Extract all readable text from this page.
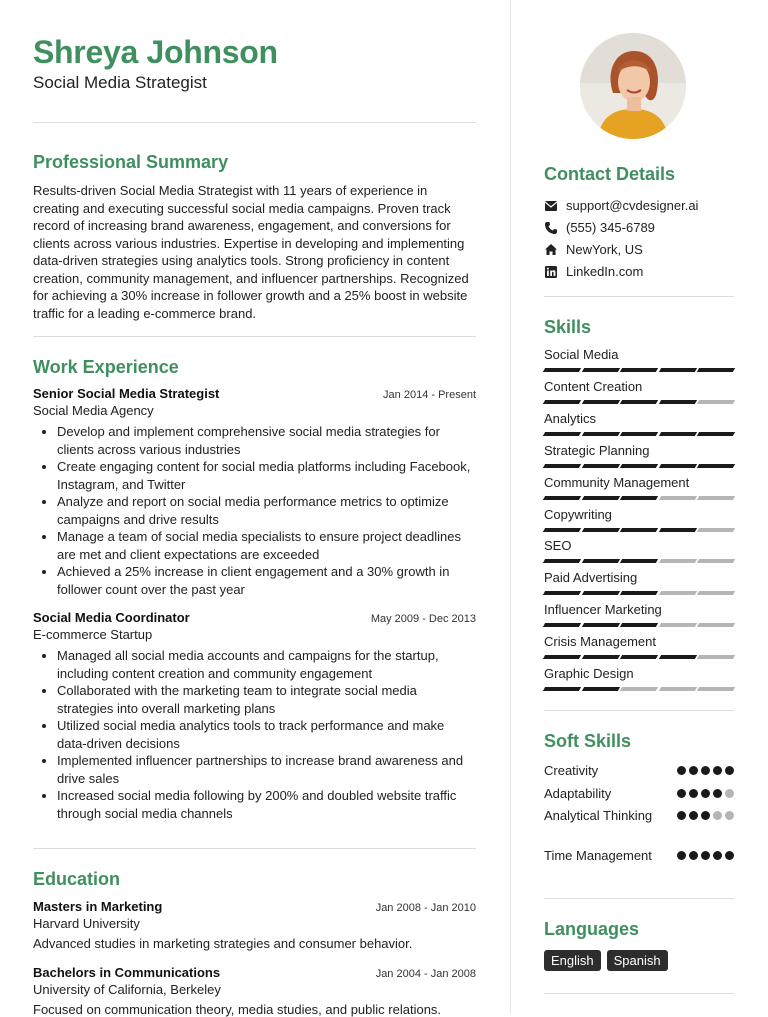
Shreya Johnson
Social Media Strategist
Professional Summary
Results-driven Social Media Strategist with 11 years of experience in creating and executing successful social media campaigns. Proven track record of increasing brand awareness, engagement, and conversions for clients across various industries. Expertise in developing and implementing data-driven strategies using analytics tools. Strong proficiency in content creation, community management, and influencer partnerships. Recognized for achieving a 30% increase in follower growth and a 25% boost in website traffic for a leading e-commerce brand.
Work Experience
Senior Social Media Strategist	Jan 2014 - Present
Social Media Agency
• Develop and implement comprehensive social media strategies for clients across various industries
• Create engaging content for social media platforms including Facebook, Instagram, and Twitter
• Analyze and report on social media performance metrics to optimize campaigns and drive results
• Manage a team of social media specialists to ensure project deadlines are met and client expectations are exceeded
• Achieved a 25% increase in client engagement and a 30% growth in follower count over the past year
Social Media Coordinator	May 2009 - Dec 2013
E-commerce Startup
• Managed all social media accounts and campaigns for the startup, including content creation and community engagement
• Collaborated with the marketing team to integrate social media strategies into overall marketing plans
• Utilized social media analytics tools to track performance and make data-driven decisions
• Implemented influencer partnerships to increase brand awareness and drive sales
• Increased social media following by 200% and doubled website traffic through social media channels
Education
Masters in Marketing	Jan 2008 - Jan 2010
Harvard University
Advanced studies in marketing strategies and consumer behavior.
Bachelors in Communications	Jan 2004 - Jan 2008
University of California, Berkeley
Focused on communication theory, media studies, and public relations.
Contact Details
support@cvdesigner.ai
(555) 345-6789
NewYork, US
LinkedIn.com
Skills
Social Media
Content Creation
Analytics
Strategic Planning
Community Management
Copywriting
SEO
Paid Advertising
Influencer Marketing
Crisis Management
Graphic Design
Soft Skills
Creativity
Adaptability
Analytical Thinking
Time Management
Languages
English	Spanish
